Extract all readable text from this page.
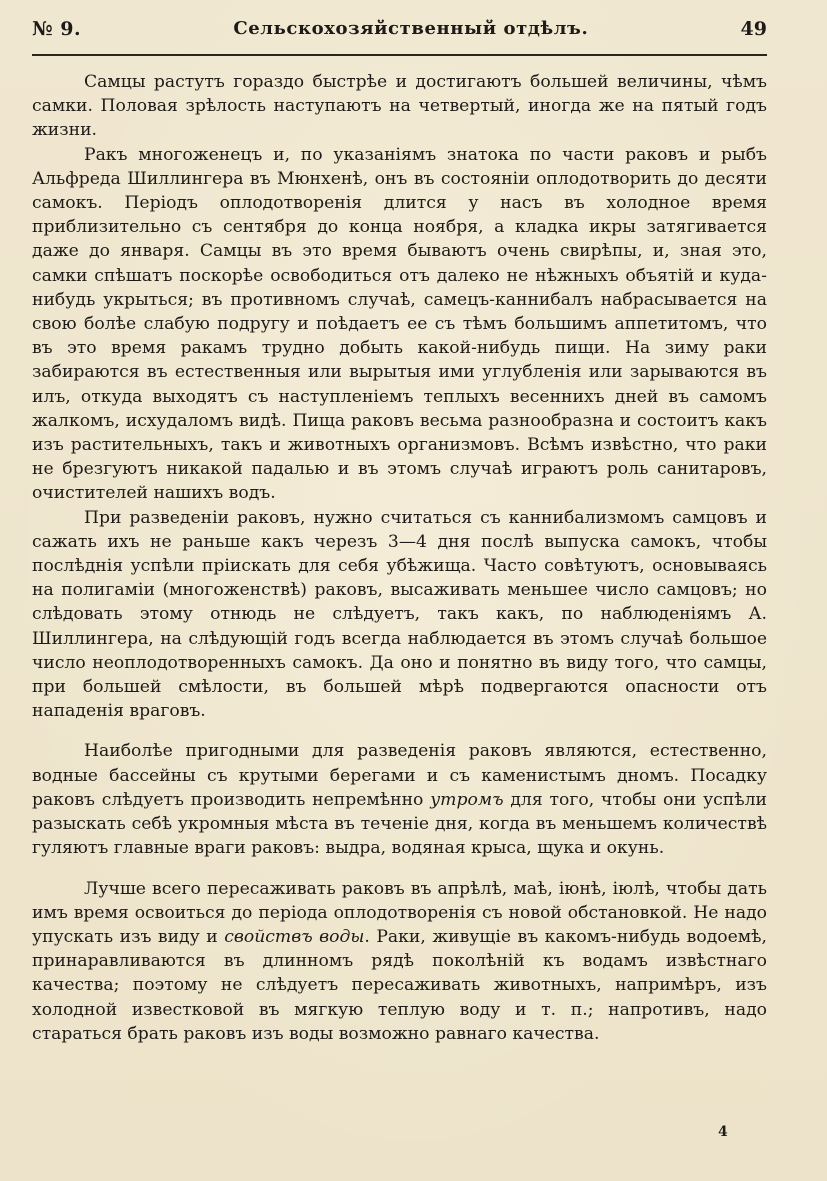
№ 9.	Сельскохозяйственный отдѣлъ.	49

Самцы растутъ гораздо быстрѣе и достигаютъ большей величины, чѣмъ самки. Половая зрѣлость наступаютъ на четвертый, иногда же на пятый годъ жизни.

Ракъ многоженецъ и, по указаніямъ знатока по части раковъ и рыбъ Альфреда Шиллингера въ Мюнхенѣ, онъ въ состояніи оплодотворить до десяти самокъ. Періодъ оплодотворенія длится у насъ въ холодное время приблизительно съ сентября до конца ноября, а кладка икры затягивается даже до января. Самцы въ это время бываютъ очень свирѣпы, и, зная это, самки спѣшатъ поскорѣе освободиться отъ далеко не нѣжныхъ объятій и куда-нибудь укрыться; въ противномъ случаѣ, самецъ-каннибалъ набрасывается на свою болѣе слабую подругу и поѣдаетъ ее съ тѣмъ большимъ аппетитомъ, что въ это время ракамъ трудно добыть какой-нибудь пищи. На зиму раки забираются въ естественныя или вырытыя ими углубленія или зарываются въ илъ, откуда выходятъ съ наступленіемъ теплыхъ весеннихъ дней въ самомъ жалкомъ, исхудаломъ видѣ. Пища раковъ весьма разнообразна и состоитъ какъ изъ растительныхъ, такъ и животныхъ организмовъ. Всѣмъ извѣстно, что раки не брезгуютъ никакой падалью и въ этомъ случаѣ играютъ роль санитаровъ, очистителей нашихъ водъ.

При разведеніи раковъ, нужно считаться съ каннибализмомъ самцовъ и сажать ихъ не раньше какъ черезъ 3—4 дня послѣ выпуска самокъ, чтобы послѣднія успѣли пріискать для себя убѣжища. Часто совѣтуютъ, основываясь на полигаміи (многоженствѣ) раковъ, высаживать меньшее число самцовъ; но слѣдовать этому отнюдь не слѣдуетъ, такъ какъ, по наблюденіямъ А. Шиллингера, на слѣдующій годъ всегда наблюдается въ этомъ случаѣ большое число неоплодотворенныхъ самокъ. Да оно и понятно въ виду того, что самцы, при большей смѣлости, въ большей мѣрѣ подвергаются опасности отъ нападенія враговъ.

Наиболѣе пригодными для разведенія раковъ являются, естественно, водные бассейны съ крутыми берегами и съ каменистымъ дномъ. Посадку раковъ слѣдуетъ производить непремѣнно утромъ для того, чтобы они успѣли разыскать себѣ укромныя мѣста въ теченіе дня, когда въ меньшемъ количествѣ гуляютъ главные враги раковъ: выдра, водяная крыса, щука и окунь.

Лучше всего пересаживать раковъ въ апрѣлѣ, маѣ, іюнѣ, іюлѣ, чтобы дать имъ время освоиться до періода оплодотворенія съ новой обстановкой. Не надо упускать изъ виду и свойствъ воды. Раки, живущіе въ какомъ-нибудь водоемѣ, принаравливаются въ длинномъ рядѣ поколѣній къ водамъ извѣстнаго качества; поэтому не слѣдуетъ пересаживать животныхъ, напримѣръ, изъ холодной известковой въ мягкую теплую воду и т. п.; напротивъ, надо стараться брать раковъ изъ воды возможно равнаго качества.

4
